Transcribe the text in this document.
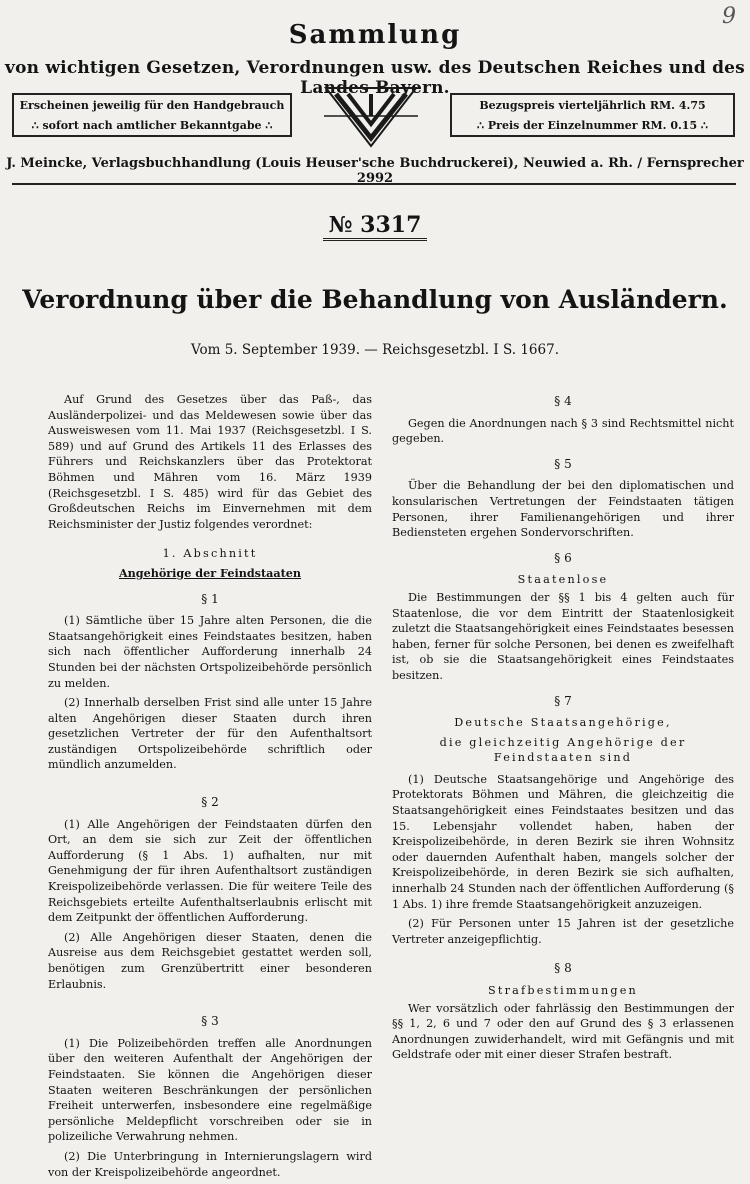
9
Sammlung
von wichtigen Gesetzen, Verordnungen usw. des Deutschen Reiches und des Landes Bayern.
Erscheinen jeweilig für den Handgebrauch
∴ sofort nach amtlicher Bekanntgabe ∴
Bezugspreis vierteljährlich RM. 4.75
∴ Preis der Einzelnummer RM. 0.15 ∴
J. Meincke, Verlagsbuchhandlung (Louis Heuser'sche Buchdruckerei), Neuwied a. Rh. / Fernsprecher 2992
№ 3317
Verordnung über die Behandlung von Ausländern.
Vom 5. September 1939. — Reichsgesetzbl. I S. 1667.

Auf Grund des Gesetzes über das Paß-, das Ausländerpolizei- und das Meldewesen sowie über das Ausweiswesen vom 11. Mai 1937 (Reichsgesetzbl. I S. 589) und auf Grund des Artikels 11 des Erlasses des Führers und Reichskanzlers über das Protektorat Böhmen und Mähren vom 16. März 1939 (Reichsgesetzbl. I S. 485) wird für das Gebiet des Großdeutschen Reichs im Einvernehmen mit dem Reichsminister der Justiz folgendes verordnet:

1. Abschnitt
Angehörige der Feindstaaten
§ 1

(1) Sämtliche über 15 Jahre alten Personen, die die Staatsangehörigkeit eines Feindstaates besitzen, haben sich nach öffentlicher Aufforderung innerhalb 24 Stunden bei der nächsten Ortspolizeibehörde persönlich zu melden.

(2) Innerhalb derselben Frist sind alle unter 15 Jahre alten Angehörigen dieser Staaten durch ihren gesetzlichen Vertreter der für den Aufenthaltsort zuständigen Ortspolizeibehörde schriftlich oder mündlich anzumelden.

§ 2

(1) Alle Angehörigen der Feindstaaten dürfen den Ort, an dem sie sich zur Zeit der öffentlichen Aufforderung (§ 1 Abs. 1) aufhalten, nur mit Genehmigung der für ihren Aufenthaltsort zuständigen Kreispolizeibehörde verlassen. Die für weitere Teile des Reichsgebiets erteilte Aufenthaltserlaubnis erlischt mit dem Zeitpunkt der öffentlichen Aufforderung.

(2) Alle Angehörigen dieser Staaten, denen die Ausreise aus dem Reichsgebiet gestattet werden soll, benötigen zum Grenzübertritt einer besonderen Erlaubnis.

§ 3

(1) Die Polizeibehörden treffen alle Anordnungen über den weiteren Aufenthalt der Angehörigen der Feindstaaten. Sie können die Angehörigen dieser Staaten weiteren Beschränkungen der persönlichen Freiheit unterwerfen, insbesondere eine regelmäßige persönliche Meldepflicht vorschreiben oder sie in polizeiliche Verwahrung nehmen.

(2) Die Unterbringung in Internierungslagern wird von der Kreispolizeibehörde angeordnet.

§ 4

Gegen die Anordnungen nach § 3 sind Rechtsmittel nicht gegeben.

§ 5

Über die Behandlung der bei den diplomatischen und konsularischen Vertretungen der Feindstaaten tätigen Personen, ihrer Familienangehörigen und ihrer Bediensteten ergehen Sondervorschriften.

§ 6
Staatenlose

Die Bestimmungen der §§ 1 bis 4 gelten auch für Staatenlose, die vor dem Eintritt der Staatenlosigkeit zuletzt die Staatsangehörigkeit eines Feindstaates besessen haben, ferner für solche Personen, bei denen es zweifelhaft ist, ob sie die Staatsangehörigkeit eines Feindstaates besitzen.

§ 7
Deutsche Staatsangehörige,
die gleichzeitig Angehörige der Feindstaaten sind

(1) Deutsche Staatsangehörige und Angehörige des Protektorats Böhmen und Mähren, die gleichzeitig die Staatsangehörigkeit eines Feindstaates besitzen und das 15. Lebensjahr vollendet haben, haben der Kreispolizeibehörde, in deren Bezirk sie ihren Wohnsitz oder dauernden Aufenthalt haben, mangels solcher der Kreispolizeibehörde, in deren Bezirk sie sich aufhalten, innerhalb 24 Stunden nach der öffentlichen Aufforderung (§ 1 Abs. 1) ihre fremde Staatsangehörigkeit anzuzeigen.

(2) Für Personen unter 15 Jahren ist der gesetzliche Vertreter anzeigepflichtig.

§ 8
Strafbestimmungen

Wer vorsätzlich oder fahrlässig den Bestimmungen der §§ 1, 2, 6 und 7 oder den auf Grund des § 3 erlassenen Anordnungen zuwiderhandelt, wird mit Gefängnis und mit Geldstrafe oder mit einer dieser Strafen bestraft.
